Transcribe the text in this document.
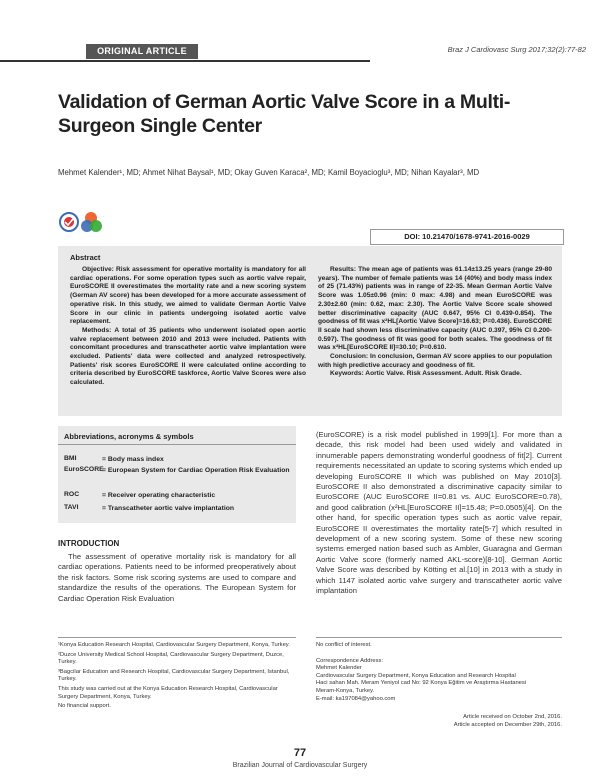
ORIGINAL ARTICLE	Braz J Cardiovasc Surg 2017;32(2):77-82
Validation of German Aortic Valve Score in a Multi-Surgeon Single Center
Mehmet Kalender¹, MD; Ahmet Nihat Baysal¹, MD; Okay Guven Karaca², MD; Kamil Boyacioglu³, MD; Nihan Kayalar³, MD
DOI: 10.21470/1678-9741-2016-0029
Abstract

Objective: Risk assessment for operative mortality is mandatory for all cardiac operations. For some operation types such as aortic valve repair, EuroSCORE II overestimates the mortality rate and a new scoring system (German AV score) has been developed for a more accurate assessment of operative risk. In this study, we aimed to validate German Aortic Valve Score in our clinic in patients undergoing isolated aortic valve replacement.

Methods: A total of 35 patients who underwent isolated open aortic valve replacement between 2010 and 2013 were included. Patients with concomitant procedures and transcatheter aortic valve implantation were excluded. Patients' data were collected and analyzed retrospectively. Patients' risk scores EuroSCORE II were calculated online according to criteria described by EuroSCORE taskforce, Aortic Valve Scores were also calculated.

Results: The mean age of patients was 61.14±13.25 years (range 29-80 years). The number of female patients was 14 (40%) and body mass index of 25 (71.43%) patients was in range of 22-35. Mean German Aortic Valve Score was 1.05±0.96 (min: 0 max: 4.98) and mean EuroSCORE was 2.30±2.60 (min: 0.62, max: 2.30). The Aortic Valve Score scale showed better discriminative capacity (AUC 0.647, 95% CI 0.439-0.854). The goodness of fit was x²HL[Aortic Valve Score]=16.63; P=0.436). EuroSCORE II scale had shown less discriminative capacity (AUC 0.397, 95% CI 0.200-0.597). The goodness of fit was good for both scales. The goodness of fit was x²HL[EuroSCORE II]=30.10; P=0.610.

Conclusion: In conclusion, German AV score applies to our population with high predictive accuracy and goodness of fit.

Keywords: Aortic Valve. Risk Assessment. Adult. Risk Grade.

Abbreviations, acronyms & symbols
BMI	= Body mass index
EuroSCORE
= European System for Cardiac Operation Risk Evaluation
ROC	= Receiver operating characteristic
TAVI	= Transcatheter aortic valve implantation
INTRODUCTION
The assessment of operative mortality risk is mandatory for all cardiac operations. Patients need to be informed preoperatively about the risk factors. Some risk scoring systems are used to compare and standardize the results of the operations. The European System for Cardiac Operation Risk Evaluation
(EuroSCORE) is a risk model published in 1999[1]. For more than a decade, this risk model had been used widely and validated in innumerable papers demonstrating wonderful goodness of fit[2]. Current requirements necessitated an update to scoring systems which ended up developing EuroSCORE II which was published on May 2010[3]. EuroSCORE II also demonstrated a discriminative capacity similar to EuroSCORE (AUC EuroSCORE II=0.81 vs. AUC EuroSCORE=0.78), and good calibration (x²HL[EuroSCORE II]=15.48; P=0.0505)[4]. On the other hand, for specific operation types such as aortic valve repair, EuroSCORE II overestimates the mortality rate[5-7] which resulted in development of a new scoring system. Some of these new scoring systems emerged nation based such as Ambler, Guaragna and German Aortic Valve score (formerly named AKL-score)[8-10]. German Aortic Valve Score was described by Kötting et al.[10] in 2013 with a study in which 1147 isolated aortic valve surgery and transcatheter aortic valve implantation

¹Konya Education Research Hospital, Cardiovascular Surgery Department, Konya, Turkey.

²Duzce University Medical School Hospital, Cardiovascular Surgery Department, Duzce, Turkey.

³Bagcilar Education and Research Hospital, Cardiovascular Surgery Department, Istanbul, Turkey.

This study was carried out at the Konya Education Research Hospital, Cardiovascular Surgery Department, Konya, Turkey.

No financial support.

No conflict of interest.

Correspondence Address:
Mehmet Kalender
Cardiovascular Surgery Department, Konya Education and Research Hospital
Haci sahan Mah. Meram Yeniyol cad No: 92 Konya Eğitim ve Araştırma Hastanesi
Meram-Konya, Turkey.
E-mail: ka197084@yahoo.com
Article received on October 2nd, 2016.
Article accepted on December 29th, 2016.
77
Brazilian Journal of Cardiovascular Surgery
